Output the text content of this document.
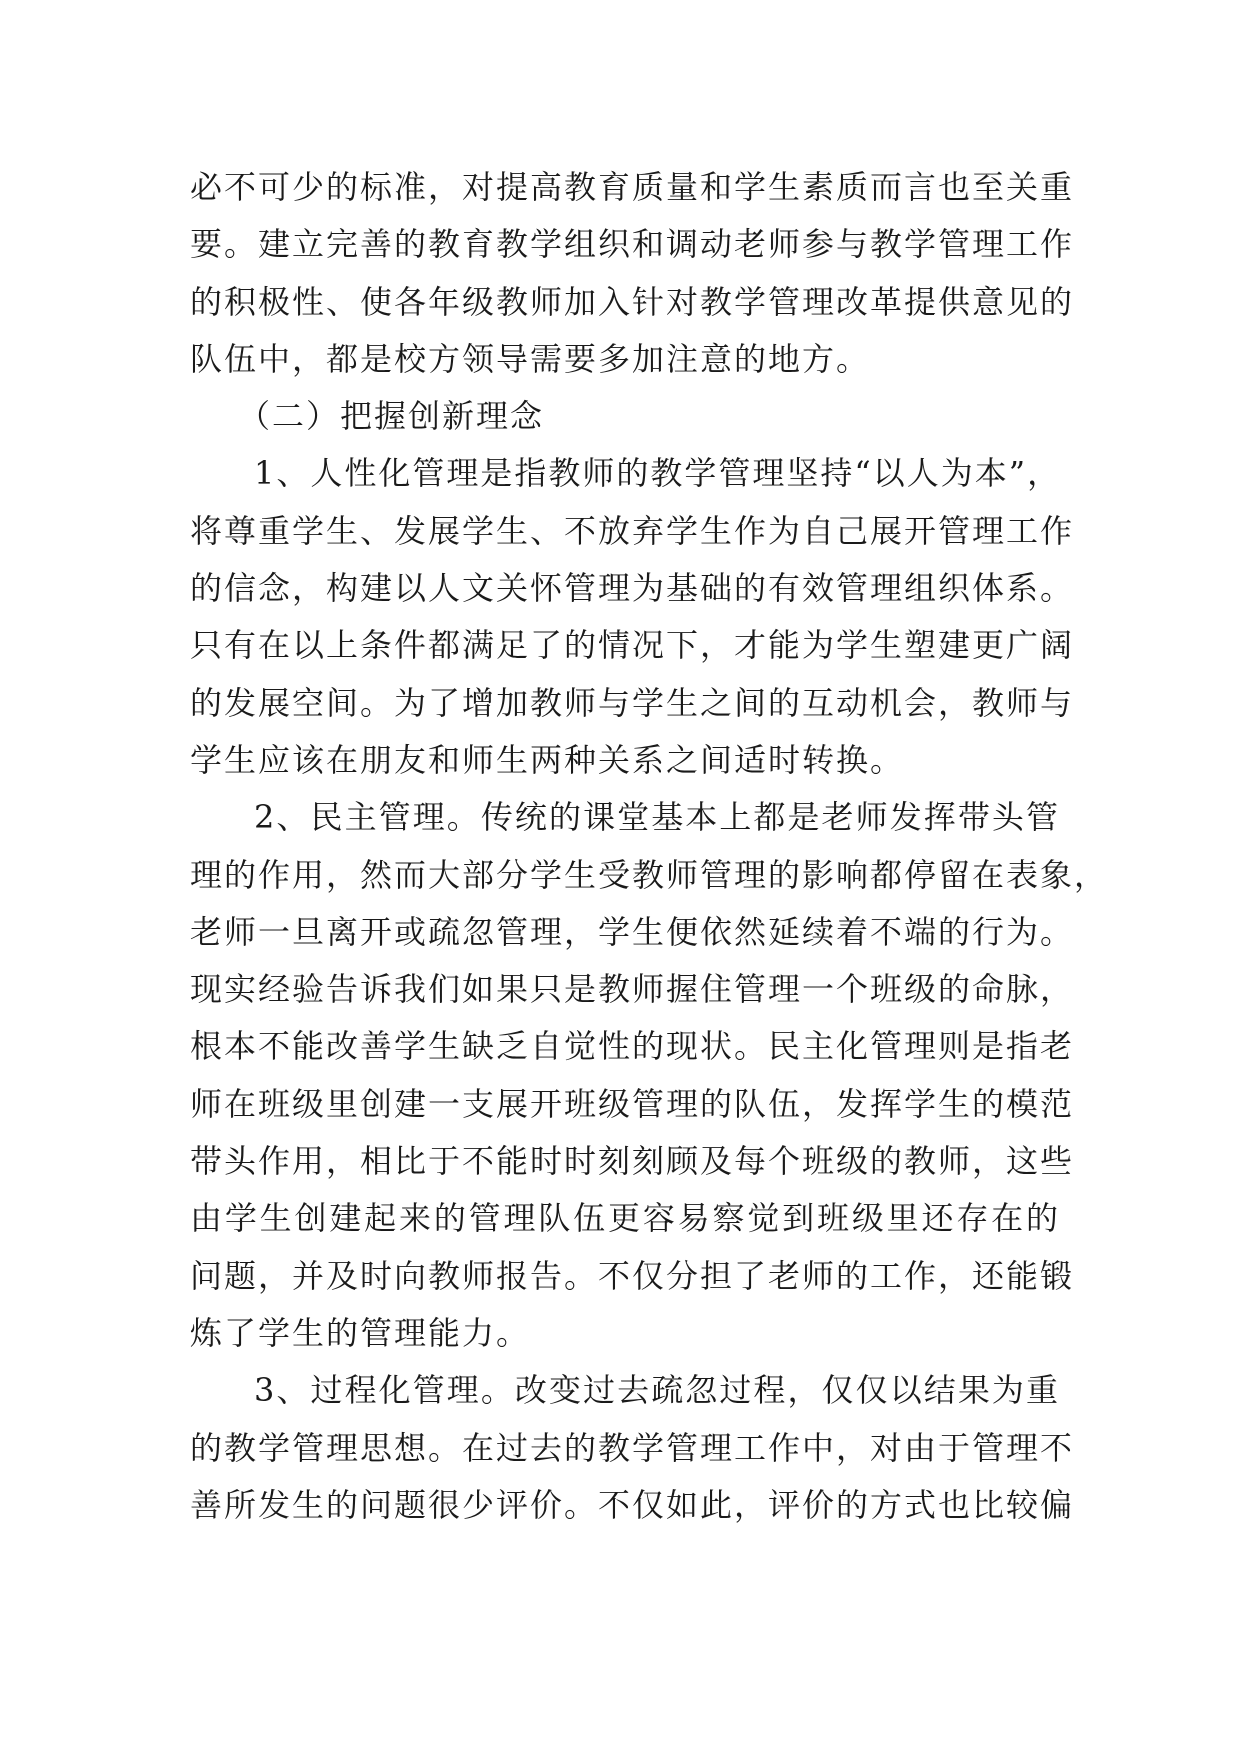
必不可少的标准，对提高教育质量和学生素质而言也至关重
要。建立完善的教育教学组织和调动老师参与教学管理工作
的积极性、使各年级教师加入针对教学管理改革提供意见的
队伍中，都是校方领导需要多加注意的地方。
（二）把握创新理念
1、人性化管理是指教师的教学管理坚持“以人为本”，
将尊重学生、发展学生、不放弃学生作为自己展开管理工作
的信念，构建以人文关怀管理为基础的有效管理组织体系。
只有在以上条件都满足了的情况下，才能为学生塑建更广阔
的发展空间。为了增加教师与学生之间的互动机会，教师与
学生应该在朋友和师生两种关系之间适时转换。
2、民主管理。传统的课堂基本上都是老师发挥带头管
理的作用，然而大部分学生受教师管理的影响都停留在表象，
老师一旦离开或疏忽管理，学生便依然延续着不端的行为。
现实经验告诉我们如果只是教师握住管理一个班级的命脉，
根本不能改善学生缺乏自觉性的现状。民主化管理则是指老
师在班级里创建一支展开班级管理的队伍，发挥学生的模范
带头作用，相比于不能时时刻刻顾及每个班级的教师，这些
由学生创建起来的管理队伍更容易察觉到班级里还存在的
问题，并及时向教师报告。不仅分担了老师的工作，还能锻
炼了学生的管理能力。
3、过程化管理。改变过去疏忽过程，仅仅以结果为重
的教学管理思想。在过去的教学管理工作中，对由于管理不
善所发生的问题很少评价。不仅如此，评价的方式也比较偏
